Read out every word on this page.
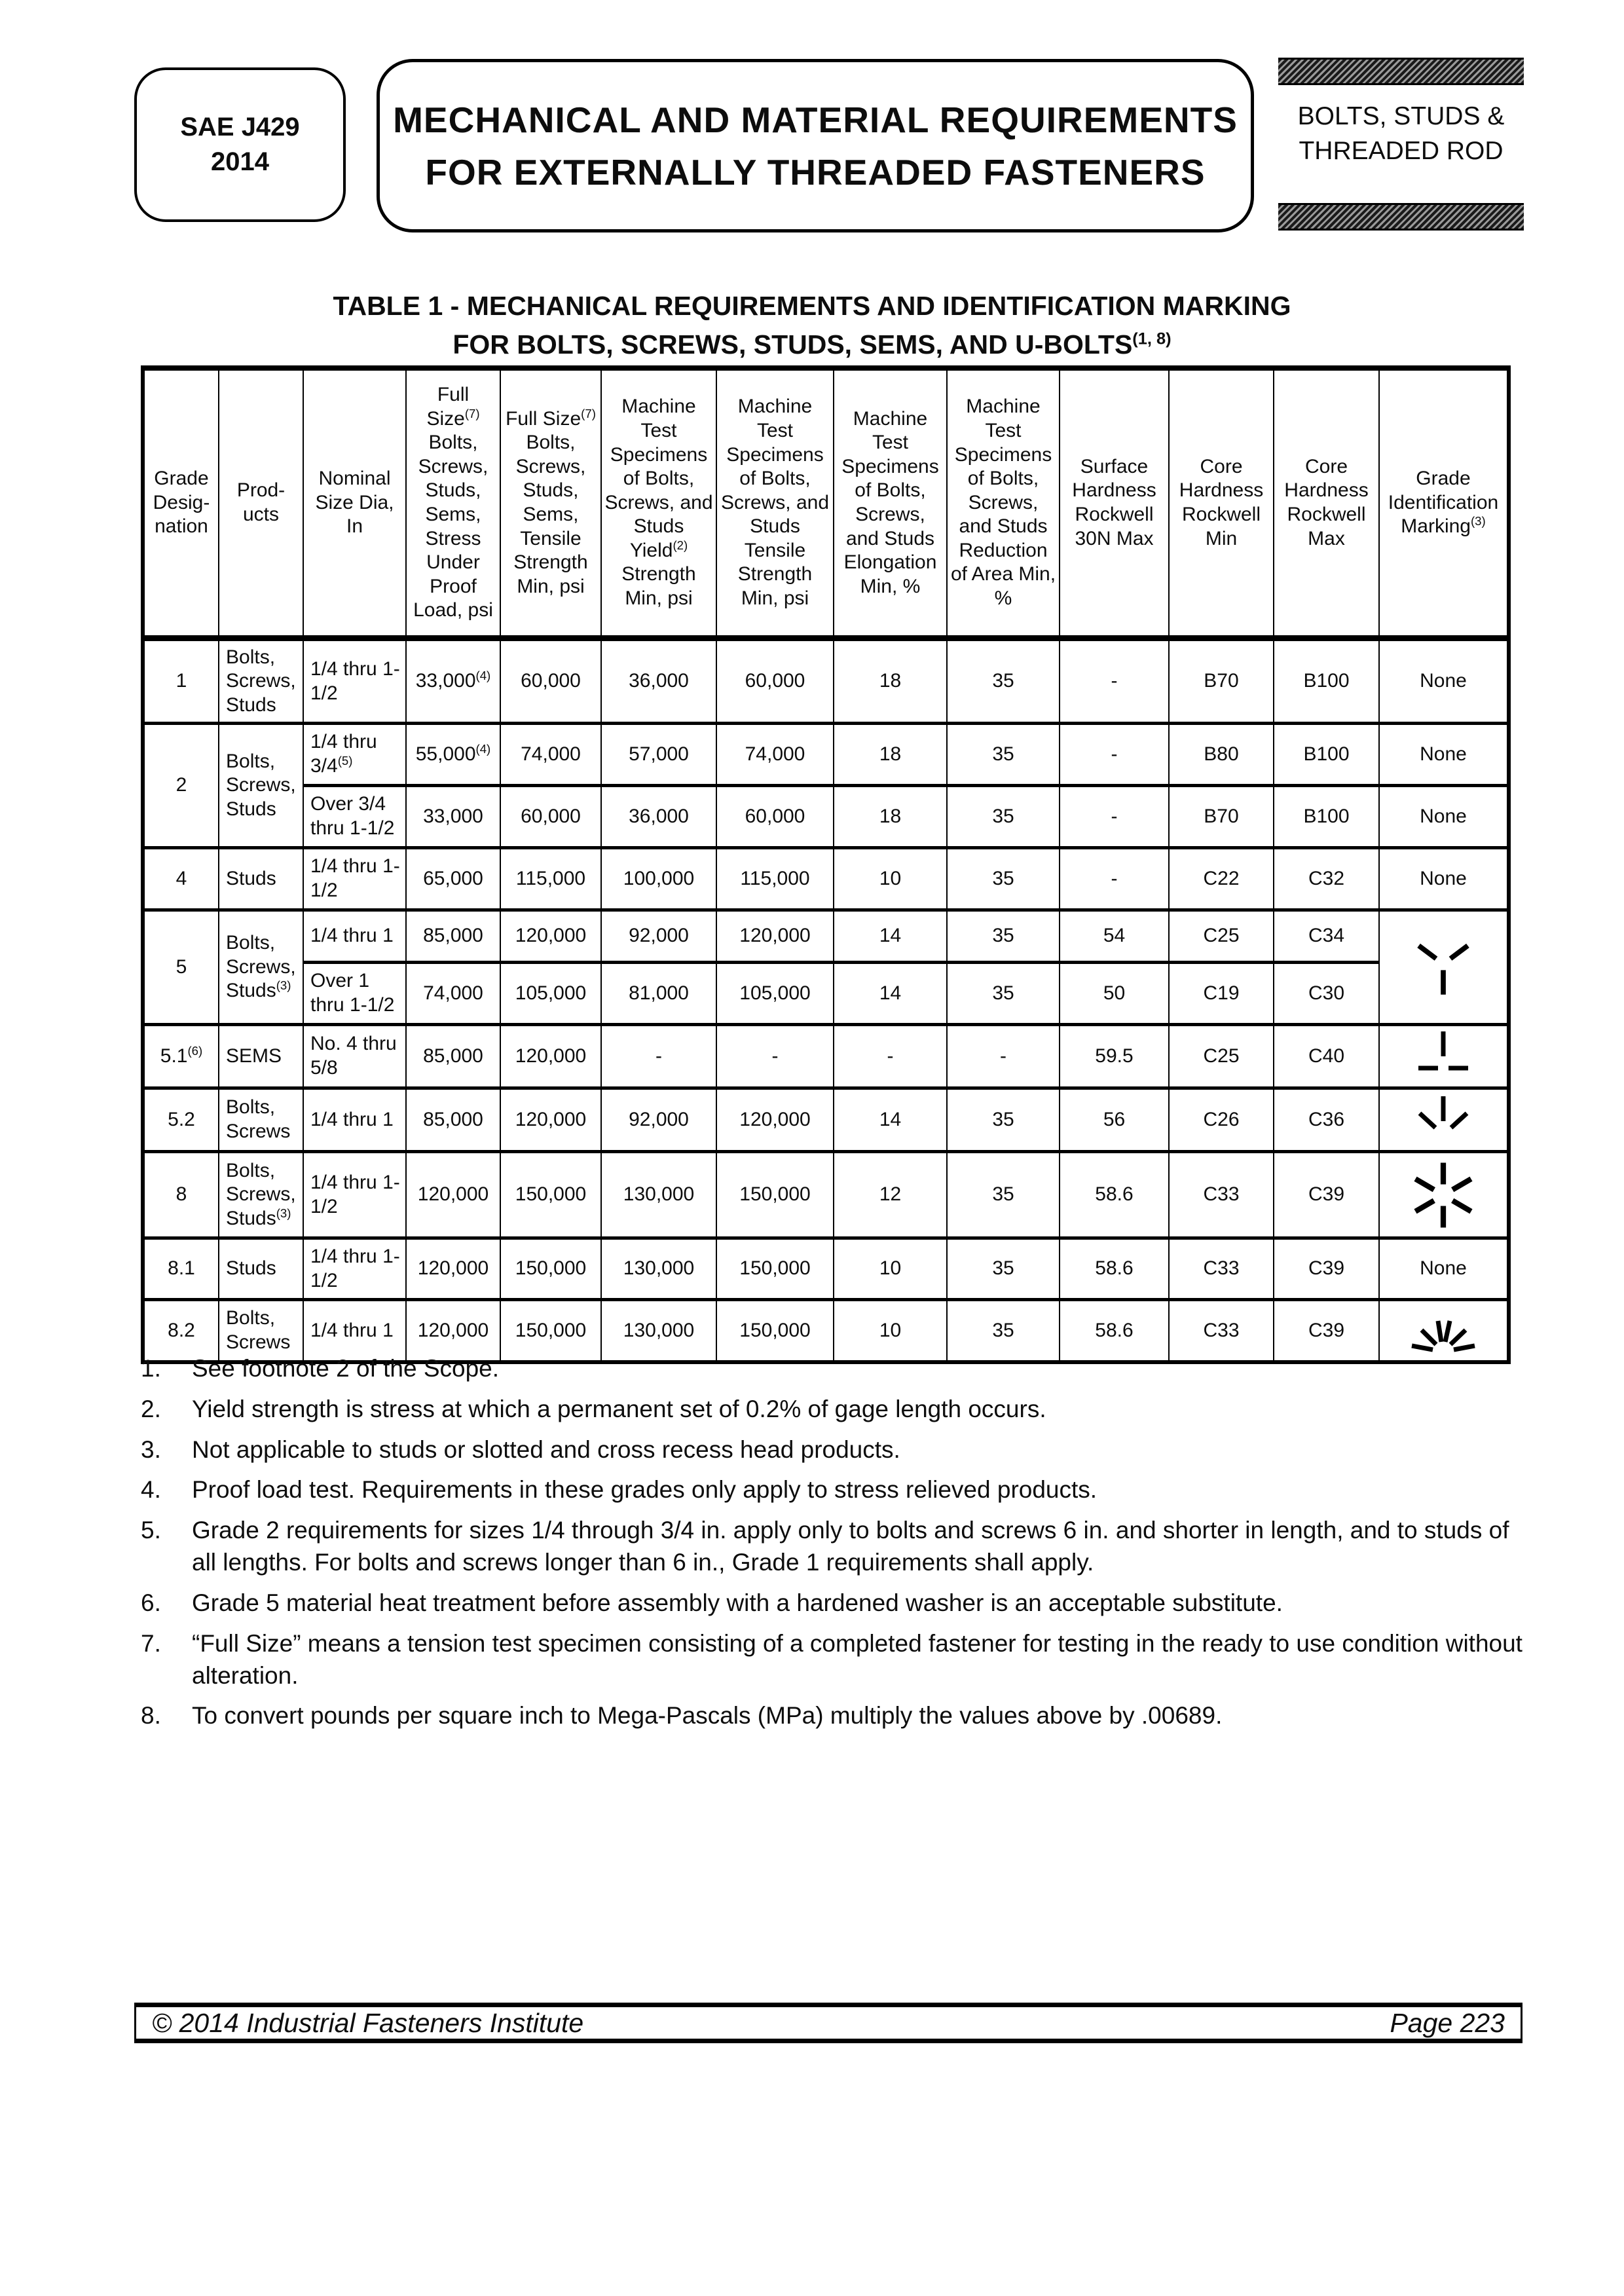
SAE J429
2014
MECHANICAL AND MATERIAL REQUIREMENTS
FOR EXTERNALLY THREADED FASTENERS
BOLTS, STUDS &
THREADED ROD
TABLE 1 - MECHANICAL REQUIREMENTS AND IDENTIFICATION MARKING
FOR BOLTS, SCREWS, STUDS, SEMS, AND U-BOLTS$^{(1, 8)}$
Grade Desig-nation	Prod-ucts	Nominal Size Dia, In	Full Size$^{(7)}$ Bolts, Screws, Studs, Sems, Stress Under Proof Load, psi	Full Size$^{(7)}$ Bolts, Screws, Studs, Sems, Tensile Strength Min, psi	Machine Test Specimens of Bolts, Screws, and Studs Yield$^{(2)}$ Strength Min, psi	Machine Test Specimens of Bolts, Screws, and Studs Tensile Strength Min, psi	Machine Test Specimens of Bolts, Screws, and Studs Elongation Min, %	Machine Test Specimens of Bolts, Screws, and Studs Reduction of Area Min, %	Surface Hardness Rockwell 30N Max	Core Hardness Rockwell Min	Core Hardness Rockwell Max	Grade Identification Marking$^{(3)}$
1	Bolts, Screws, Studs	1/4 thru 1-1/2	33,000$^{(4)}$	60,000	36,000	60,000	18	35	-	B70	B100	None
2	Bolts, Screws, Studs	1/4 thru 3/4$^{(5)}$	55,000$^{(4)}$	74,000	57,000	74,000	18	35	-	B80	B100	None
		Over 3/4 thru 1-1/2	33,000	60,000	36,000	60,000	18	35	-	B70	B100	None
4	Studs	1/4 thru 1-1/2	65,000	115,000	100,000	115,000	10	35	-	C22	C32	None
5	Bolts, Screws, Studs$^{(3)}$	1/4 thru 1	85,000	120,000	92,000	120,000	14	35	54	C25	C34	

		Over 1 thru 1-1/2	74,000	105,000	81,000	105,000	14	35	50	C19	C30	
5.1$^{(6)}$	SEMS	No. 4 thru 5/8	85,000	120,000	-	-	-	-	59.5	C25	C40	

5.2	Bolts, Screws	1/4 thru 1	85,000	120,000	92,000	120,000	14	35	56	C26	C36	

8	Bolts, Screws, Studs$^{(3)}$	1/4 thru 1-1/2	120,000	150,000	130,000	150,000	12	35	58.6	C33	C39	

8.1	Studs	1/4 thru 1-1/2	120,000	150,000	130,000	150,000	10	35	58.6	C33	C39	None
8.2	Bolts, Screws	1/4 thru 1	120,000	150,000	130,000	150,000	10	35	58.6	C33	C39	
1.	See footnote 2 of the Scope.
2.	Yield strength is stress at which a permanent set of 0.2% of gage length occurs.
3.	Not applicable to studs or slotted and cross recess head products.
4.	Proof load test. Requirements in these grades only apply to stress relieved products.
5.	Grade 2 requirements for sizes 1/4 through 3/4 in. apply only to bolts and screws 6 in. and shorter in length, and to studs of all lengths. For bolts and screws longer than 6 in., Grade 1 requirements shall apply.
6.	Grade 5 material heat treatment before assembly with a hardened washer is an acceptable substitute.
7.	“Full Size” means a tension test specimen consisting of a completed fastener for testing in the ready to use condition without alteration.
8.	To convert pounds per square inch to Mega-Pascals (MPa) multiply the values above by .00689.
© 2014 Industrial Fasteners Institute	Page 223
